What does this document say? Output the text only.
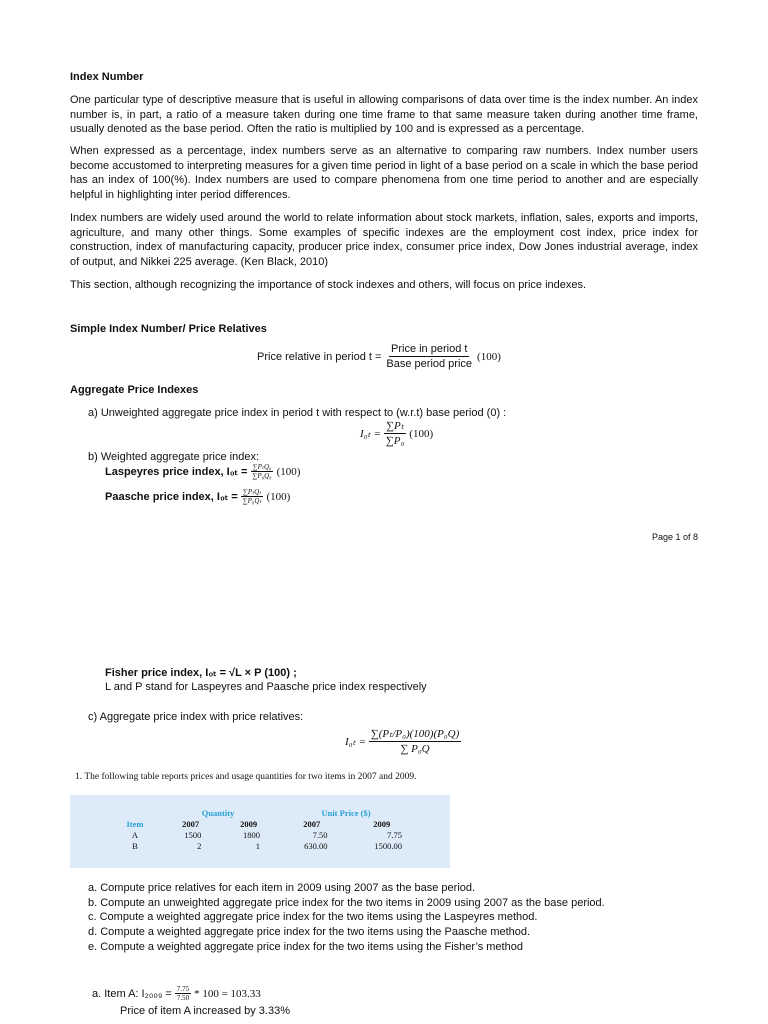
Index Number
One particular type of descriptive measure that is useful in allowing comparisons of data over time is the index number. An index number is, in part, a ratio of a measure taken during one time frame to that same measure taken during another time frame, usually denoted as the base period. Often the ratio is multiplied by 100 and is expressed as a percentage.
When expressed as a percentage, index numbers serve as an alternative to comparing raw numbers. Index number users become accustomed to interpreting measures for a given time period in light of a base period on a scale in which the base period has an index of 100(%). Index numbers are used to compare phenomena from one time period to another and are especially helpful in highlighting inter period differences.
Index numbers are widely used around the world to relate information about stock markets, inflation, sales, exports and imports, agriculture, and many other things. Some examples of specific indexes are the employment cost index, price index for construction, index of manufacturing capacity, producer price index, consumer price index, Dow Jones industrial average, index of output, and Nikkei 225 average. (Ken Black, 2010)
This section, although recognizing the importance of stock indexes and others, will focus on price indexes.
Simple Index Number/ Price Relatives
Price relative in period $t = \frac{\text{Price in period t}}{\text{Base period price}} (100)$
Aggregate Price Indexes
a) Unweighted aggregate price index in period t with respect to (w.r.t) base period (0) :
$I_{0t} = \frac{\text{∑Pₜ}}{\text{∑P₀}} (100)$
b) Weighted aggregate price index:
Laspeyres price index, $I_{0t} = \frac{\text{∑PₜQ₀}}{\text{∑P₀Q₀}} (100)$
Paasche price index, $I_{0t} = \frac{\text{∑PₜQₜ}}{\text{∑P₀Qₜ}} (100)$
Page 1 of 8
Fisher price index, I₀ₜ = √L × P (100) ;
L and P stand for Laspeyres and Paasche price index respectively
c) Aggregate price index with price relatives:
$I_{0t} = \frac{\text{∑(Pₜ/P₀)(100)(P₀Q)}}{\text{∑ P₀Q}}$
1. The following table reports prices and usage quantities for two items in 2007 and 2009.
	Quantity		Unit Price ($)	
Item	2007	2009	2007	2009
A	1500	1800	7.50	7.75
B	2	1	630.00	1500.00
a. Compute price relatives for each item in 2009 using 2007 as the base period.
b. Compute an unweighted aggregate price index for the two items in 2009 using 2007 as the base period.
c. Compute a weighted aggregate price index for the two items using the Laspeyres method.
d. Compute a weighted aggregate price index for the two items using the Paasche method.
e. Compute a weighted aggregate price index for the two items using the Fisher’s method
a. Item A: $I_{2009} = \frac{7.75}{7.50} * 100 = 103.33$
Price of item A increased by 3.33%
